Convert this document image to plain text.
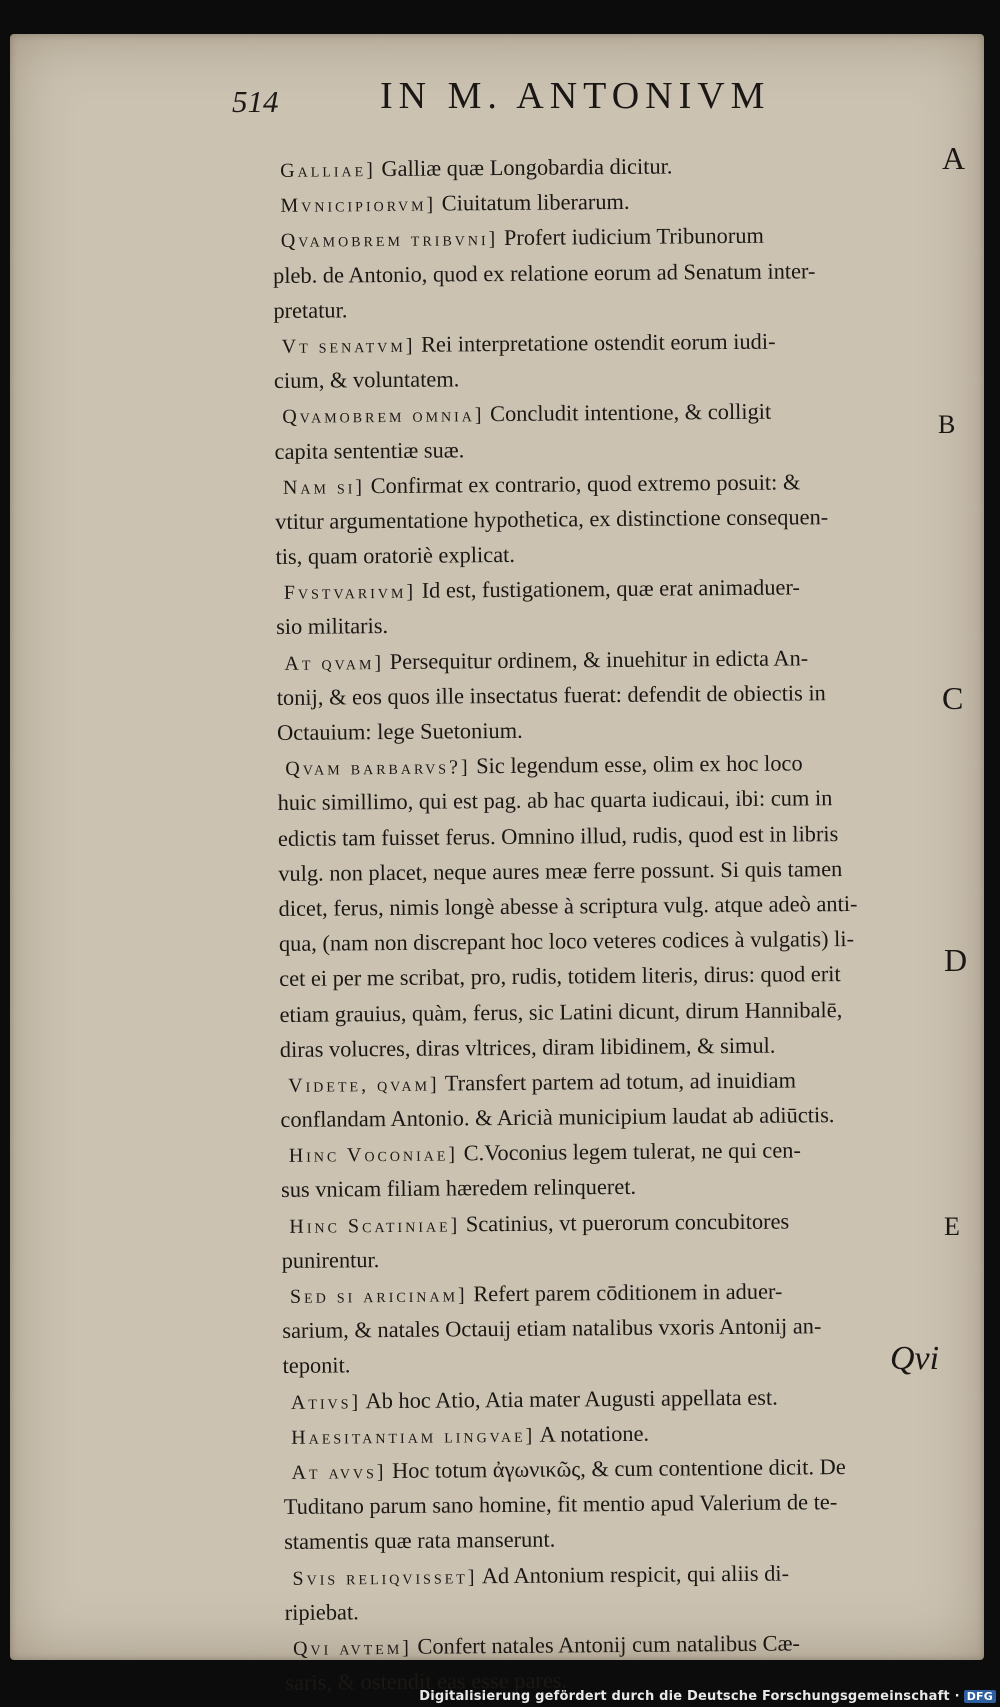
514	IN M. ANTONIVM
Galliae] Galliæ quæ Longobardia dicitur.
Mvnicipiorvm] Ciuitatum liberarum.
Qvamobrem tribvni] Profert iudicium Tribunorum
pleb. de Antonio, quod ex relatione eorum ad Senatum inter-
pretatur.
Vt senatvm] Rei interpretatione ostendit eorum iudi-
cium, & voluntatem.
Qvamobrem omnia] Concludit intentione, & colligit
capita sententiæ suæ.
Nam si] Confirmat ex contrario, quod extremo posuit: &
vtitur argumentatione hypothetica, ex distinctione consequen-
tis, quam oratoriè explicat.
Fvstvarivm] Id est, fustigationem, quæ erat animaduer-
sio militaris.
At qvam] Persequitur ordinem, & inuehitur in edicta An-
tonij, & eos quos ille insectatus fuerat: defendit de obiectis in
Octauium: lege Suetonium.
Qvam barbarvs?] Sic legendum esse, olim ex hoc loco
huic simillimo, qui est pag. ab hac quarta iudicaui, ibi: cum in
edictis tam fuisset ferus. Omnino illud, rudis, quod est in libris
vulg. non placet, neque aures meæ ferre possunt. Si quis tamen
dicet, ferus, nimis longè abesse à scriptura vulg. atque adeò anti-
qua, (nam non discrepant hoc loco veteres codices à vulgatis) li-
cet ei per me scribat, pro, rudis, totidem literis, dirus: quod erit
etiam grauius, quàm, ferus, sic Latini dicunt, dirum Hannibalē,
diras volucres, diras vltrices, diram libidinem, & simul.
Videte, qvam] Transfert partem ad totum, ad inuidiam
conflandam Antonio. & Aricià municipium laudat ab adiūctis.
Hinc Voconiae] C.Voconius legem tulerat, ne qui cen-
sus vnicam filiam hæredem relinqueret.
Hinc Scatiniae] Scatinius, vt puerorum concubitores
punirentur.
Sed si aricinam] Refert parem cōditionem in aduer-
sarium, & natales Octauij etiam natalibus vxoris Antonij an-
teponit.
Ativs] Ab hoc Atio, Atia mater Augusti appellata est.
Haesitantiam lingvae] A notatione.
At avvs] Hoc totum ἀγωνικῶς, & cum contentione dicit. De
Tuditano parum sano homine, fit mentio apud Valerium de te-
stamentis quæ rata manserunt.
Svis reliqvisset] Ad Antonium respicit, qui aliis di-
ripiebat.
Qvi avtem] Confert natales Antonij cum natalibus Cæ-
saris, & ostendit eas esse pares.
A
B
C
D
E
Qvi
Digitalisierung gefördert durch die Deutsche Forschungsgemeinschaft · DFG
